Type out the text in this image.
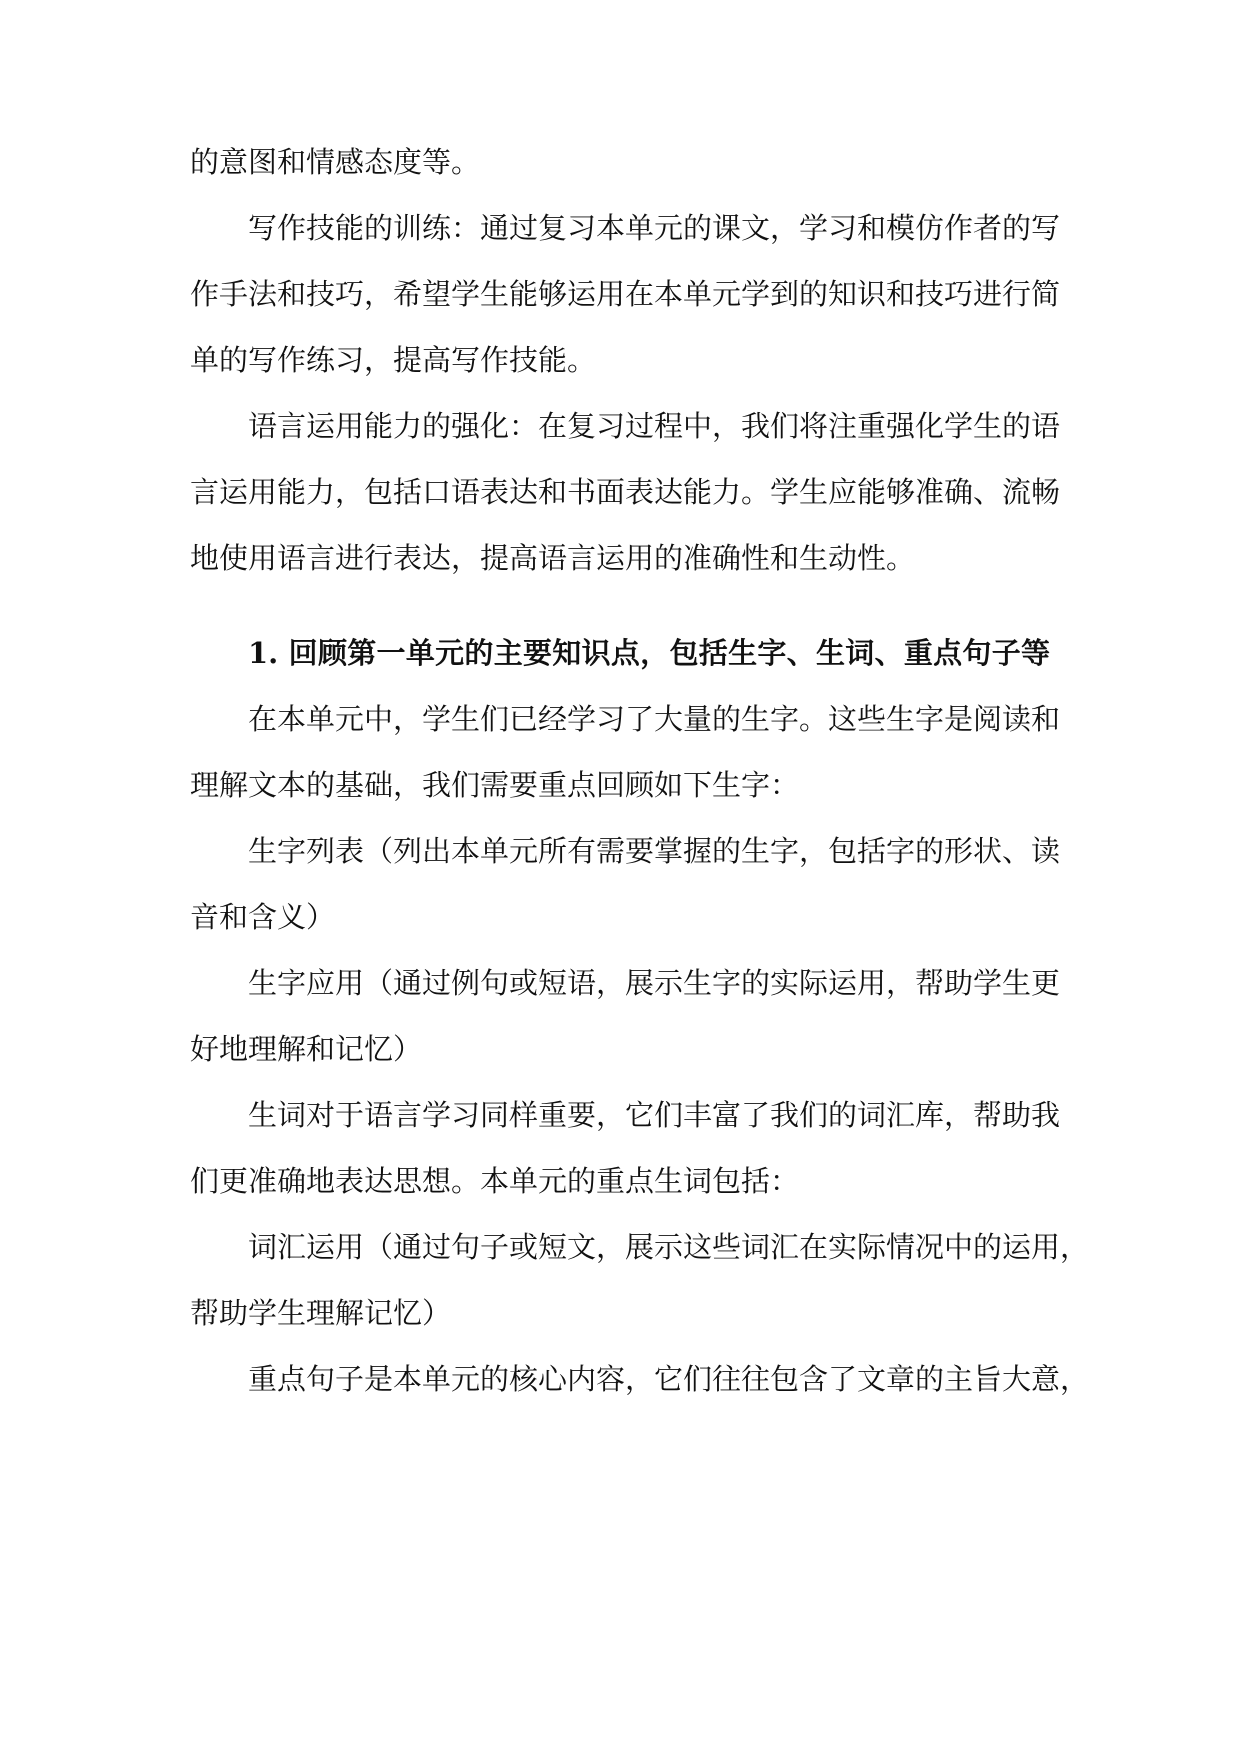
的意图和情感态度等。
写作技能的训练：通过复习本单元的课文，学习和模仿作者的写
作手法和技巧，希望学生能够运用在本单元学到的知识和技巧进行简
单的写作练习，提高写作技能。
语言运用能力的强化：在复习过程中，我们将注重强化学生的语
言运用能力，包括口语表达和书面表达能力。学生应能够准确、流畅
地使用语言进行表达，提高语言运用的准确性和生动性。
1. 回顾第一单元的主要知识点，包括生字、生词、重点句子等
在本单元中，学生们已经学习了大量的生字。这些生字是阅读和
理解文本的基础，我们需要重点回顾如下生字：
生字列表（列出本单元所有需要掌握的生字，包括字的形状、读
音和含义）
生字应用（通过例句或短语，展示生字的实际运用，帮助学生更
好地理解和记忆）
生词对于语言学习同样重要，它们丰富了我们的词汇库，帮助我
们更准确地表达思想。本单元的重点生词包括：
词汇运用（通过句子或短文，展示这些词汇在实际情况中的运用，
帮助学生理解记忆）
重点句子是本单元的核心内容，它们往往包含了文章的主旨大意，
